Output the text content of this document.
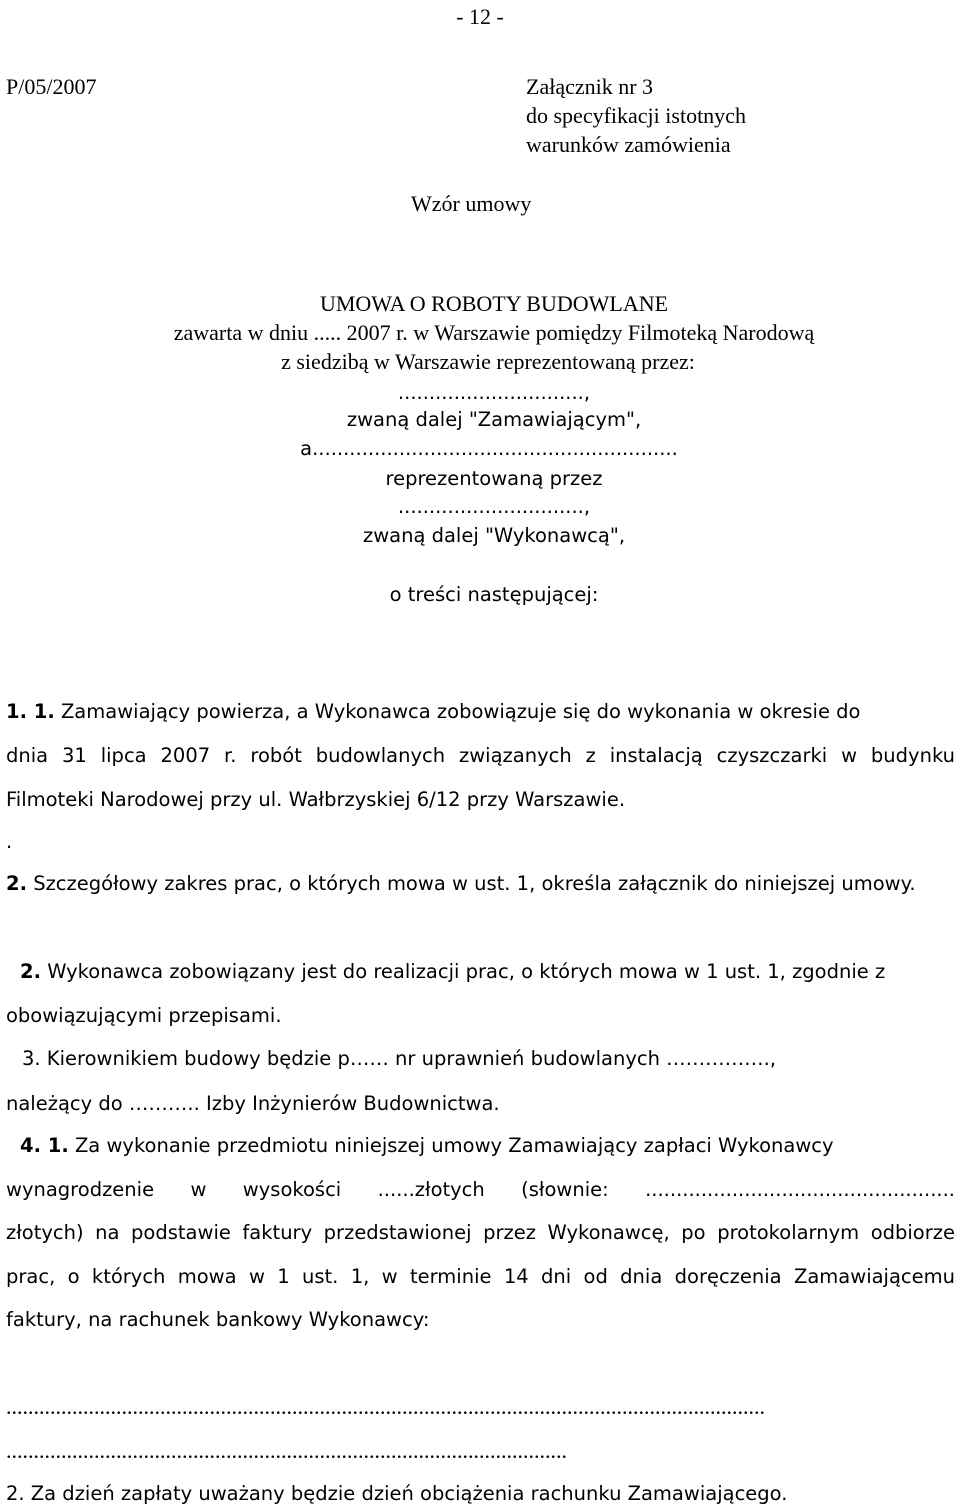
- 12 -
P/05/2007	Załącznik nr 3
do specyfikacji istotnych
warunków zamówienia
Wzór umowy
UMOWA O ROBOTY BUDOWLANE
zawarta w dniu ..... 2007 r. w Warszawie pomiędzy Filmoteką Narodową
z siedzibą w Warszawie reprezentowaną przez:
..............................,
zwaną dalej "Zamawiającym",
a...........................................................
reprezentowaną przez
..............................,
zwaną dalej "Wykonawcą",
o treści następującej:
1. 1. Zamawiający powierza, a Wykonawca zobowiązuje się do wykonania w okresie do
dnia 31 lipca 2007 r. robót budowlanych związanych z instalacją czyszczarki w budynku
Filmoteki Narodowej przy ul. Wałbrzyskiej 6/12 przy Warszawie.
.
2. Szczegółowy zakres prac, o których mowa w ust. 1, określa załącznik do niniejszej umowy.
2. Wykonawca zobowiązany jest do realizacji prac, o których mowa w 1 ust. 1, zgodnie z
obowiązującymi przepisami.
3. Kierownikiem budowy będzie p…… nr uprawnień budowlanych …………….,
należący do ……….. Izby Inżynierów Budownictwa.
4. 1. Za wykonanie przedmiotu niniejszej umowy Zamawiający zapłaci Wykonawcy
wynagrodzenie w wysokości ......złotych (słownie: ..................................................
złotych) na podstawie faktury przedstawionej przez Wykonawcę, po protokolarnym odbiorze
prac, o których mowa w 1 ust. 1, w terminie 14 dni od dnia doręczenia Zamawiającemu
faktury, na rachunek bankowy Wykonawcy:
..........................................................................................................................................
......................................................................................................
2. Za dzień zapłaty uważany będzie dzień obciążenia rachunku Zamawiającego.
